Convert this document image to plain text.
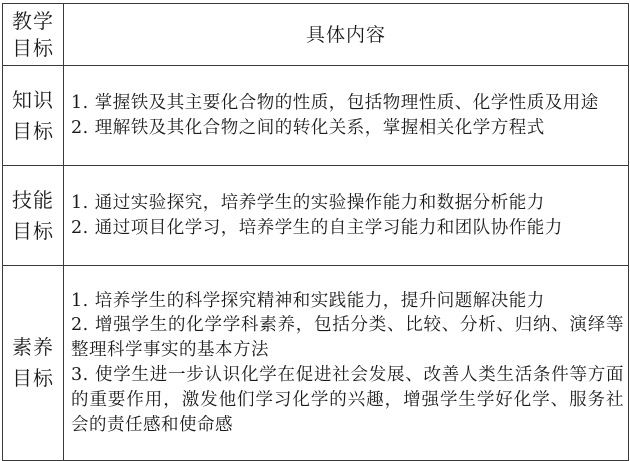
教学
目标	具体内容

知识
目标	1. 掌握铁及其主要化合物的性质，包括物理性质、化学性质及用途
2. 理解铁及其化合物之间的转化关系，掌握相关化学方程式

技能
目标	1. 通过实验探究，培养学生的实验操作能力和数据分析能力
2. 通过项目化学习，培养学生的自主学习能力和团队协作能力

素养
目标	1. 培养学生的科学探究精神和实践能力，提升问题解决能力
2. 增强学生的化学学科素养，包括分类、比较、分析、归纳、演绎等整理科学事实的基本方法
3. 使学生进一步认识化学在促进社会发展、改善人类生活条件等方面的重要作用，激发他们学习化学的兴趣，增强学生学好化学、服务社会的责任感和使命感
